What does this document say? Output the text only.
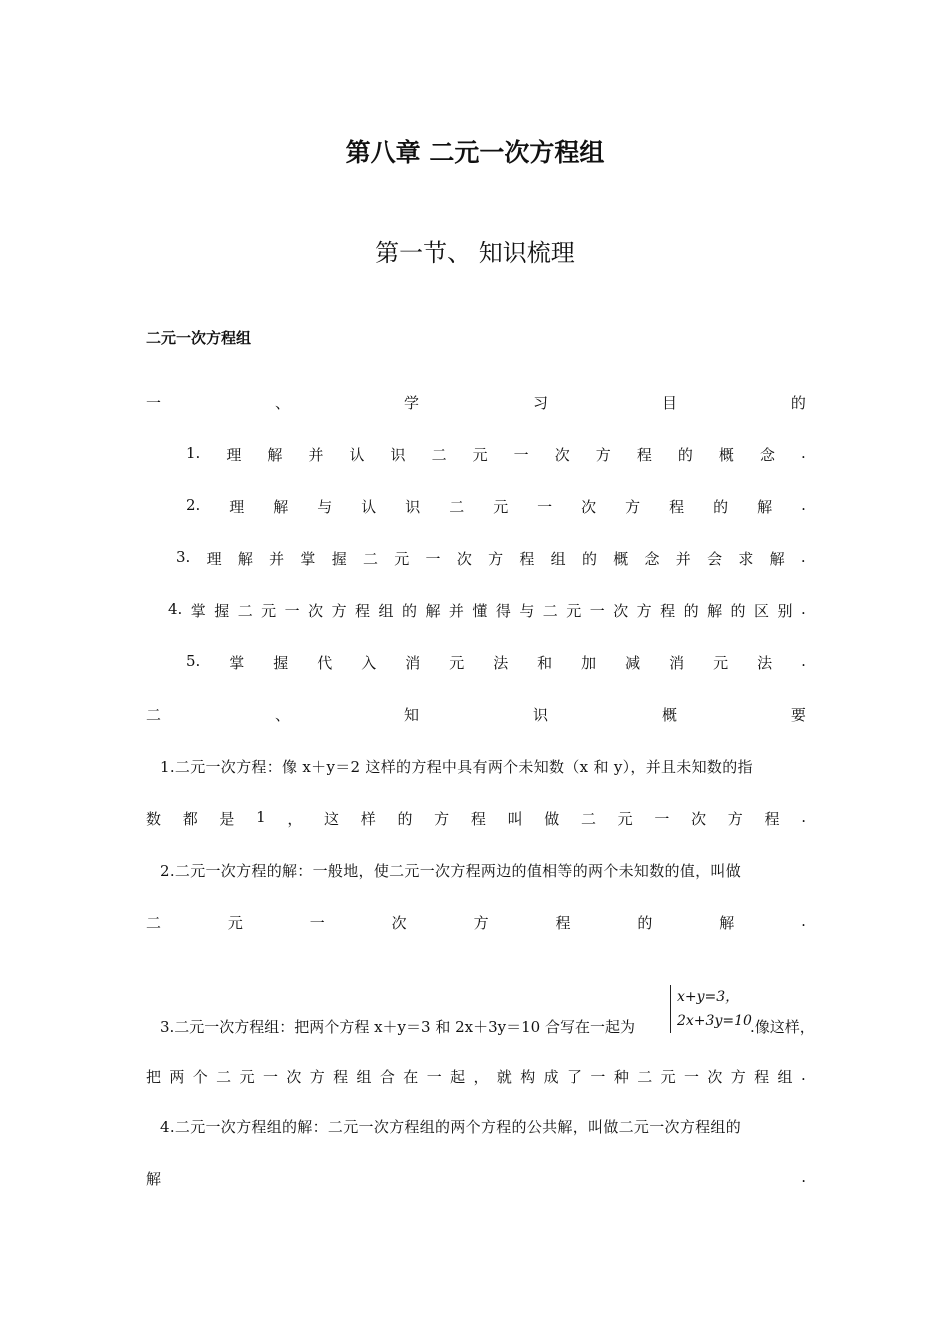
第八章 二元一次方程组
第一节、 知识梳理
二元一次方程组
一	、	学	习	目	的
1. 理 解 并 认 识 二 元 一 次 方 程 的 概 念 .
2. 理 解 与 认 识 二 元 一 次 方 程 的 解 .
3. 理 解 并 掌 握 二 元 一 次 方 程 组 的 概 念 并 会 求 解 .
4. 掌 握 二 元 一 次 方 程 组 的 解 并 懂 得 与 二 元 一 次 方 程 的 解 的 区 别 .
5. 掌 握 代 入 消 元 法 和 加 减 消 元 法 .
二	、	知	识	概	要
1.二元一次方程：像 x＋y＝2 这样的方程中具有两个未知数（x 和 y），并且未知数的指
数 都 是 1 ， 这 样 的 方 程 叫 做 二 元 一 次 方 程 .
2.二元一次方程的解：一般地，使二元一次方程两边的值相等的两个未知数的值，叫做
二	元	一	次	方	程	的	解	.
3.二元一次方程组：把两个方程 x＋y＝3 和 2x＋3y＝10 合写在一起为
x+y=3，
2x+3y=10
.像这样，
把 两 个 二 元 一 次 方 程 组 合 在 一 起 ， 就 构 成 了 一 种 二 元 一 次 方 程 组 .
4.二元一次方程组的解：二元一次方程组的两个方程的公共解，叫做二元一次方程组的
解	.
